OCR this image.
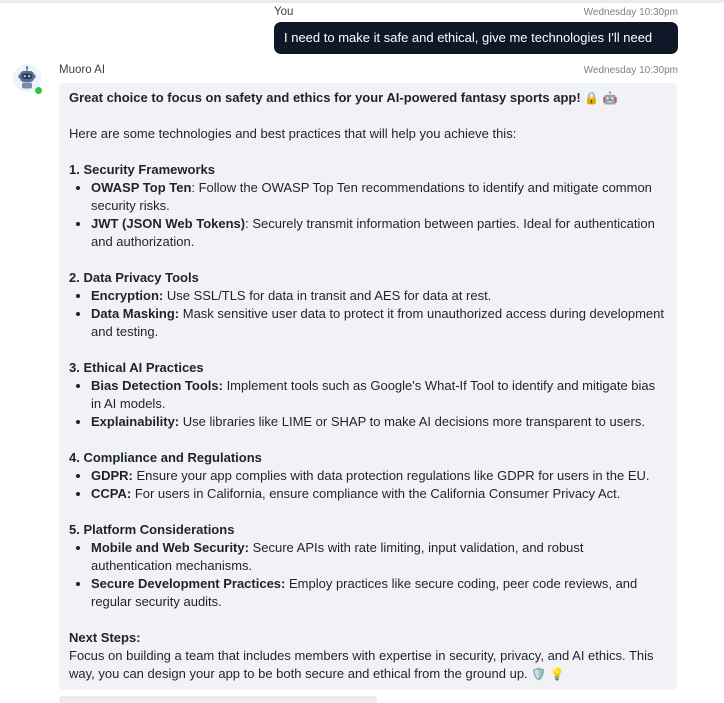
You	Wednesday 10:30pm
I need to make it safe and ethical, give me technologies I'll need
Muoro AI	Wednesday 10:30pm

Great choice to focus on safety and ethics for your AI-powered fantasy sports app! 🔒 🤖

Here are some technologies and best practices that will help you achieve this:

1. Security Frameworks
• OWASP Top Ten: Follow the OWASP Top Ten recommendations to identify and mitigate common security risks.
• JWT (JSON Web Tokens): Securely transmit information between parties. Ideal for authentication and authorization.
2. Data Privacy Tools
• Encryption: Use SSL/TLS for data in transit and AES for data at rest.
• Data Masking: Mask sensitive user data to protect it from unauthorized access during development and testing.
3. Ethical AI Practices
• Bias Detection Tools: Implement tools such as Google's What-If Tool to identify and mitigate bias in AI models.
• Explainability: Use libraries like LIME or SHAP to make AI decisions more transparent to users.
4. Compliance and Regulations
• GDPR: Ensure your app complies with data protection regulations like GDPR for users in the EU.
• CCPA: For users in California, ensure compliance with the California Consumer Privacy Act.
5. Platform Considerations
• Mobile and Web Security: Secure APIs with rate limiting, input validation, and robust authentication mechanisms.
• Secure Development Practices: Employ practices like secure coding, peer code reviews, and regular security audits.
Next Steps:

Focus on building a team that includes members with expertise in security, privacy, and AI ethics. This way, you can design your app to be both secure and ethical from the ground up. 🛡️ 💡
